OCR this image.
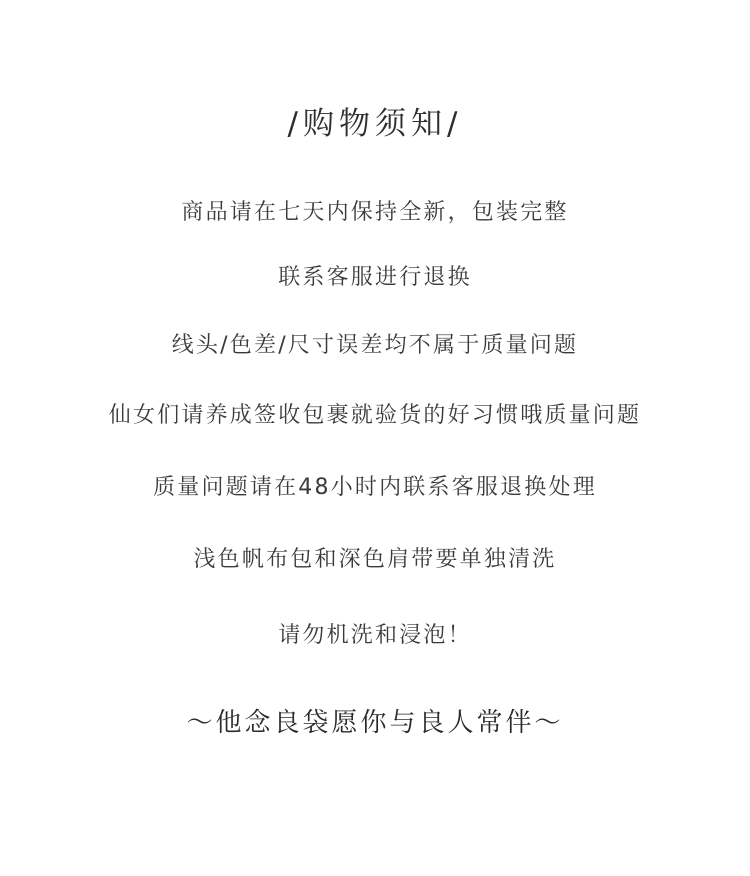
/购物须知/
商品请在七天内保持全新，包装完整
联系客服进行退换
线头/色差/尺寸误差均不属于质量问题
仙女们请养成签收包裹就验货的好习惯哦质量问题
质量问题请在48小时内联系客服退换处理
浅色帆布包和深色肩带要单独清洗
请勿机洗和浸泡！
～他念良袋愿你与良人常伴～
